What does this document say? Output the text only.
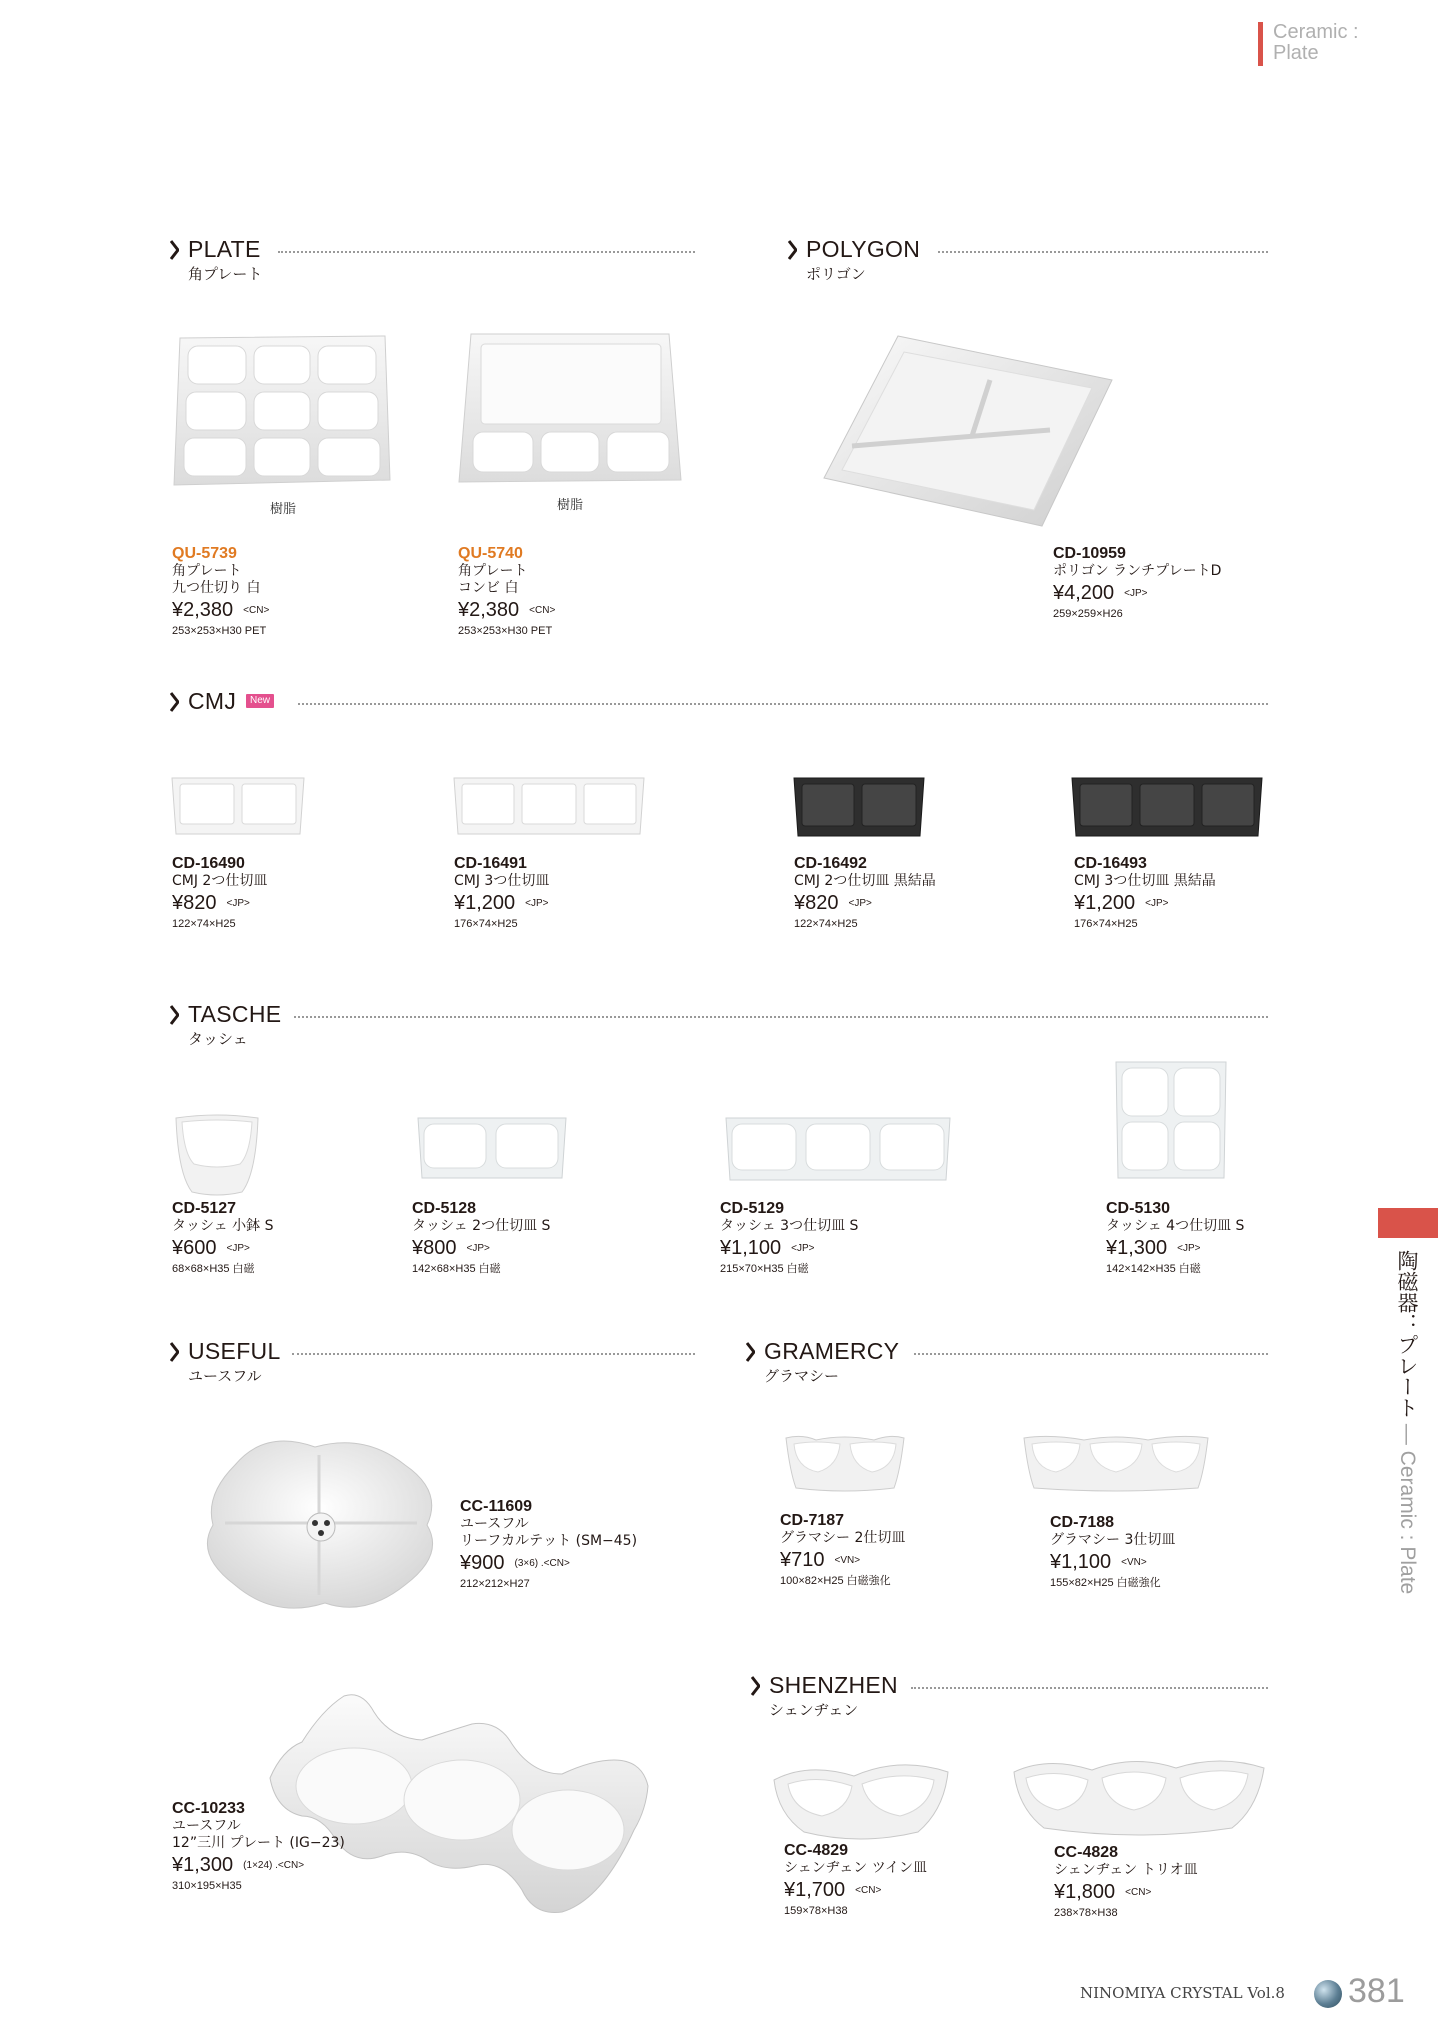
Ceramic :
Plate
PLATE
角プレート
樹脂	樹脂
QU-5739
角プレート
九つ仕切り 白
¥2,380 <CN>
253×253×H30 PET
QU-5740
角プレート
コンビ 白
¥2,380 <CN>
253×253×H30 PET
POLYGON
ポリゴン
CD-10959
ポリゴン ランチプレートD
¥4,200 <JP>
259×259×H26
CMJ	New
CD-16490
CMJ 2つ仕切皿
¥820 <JP>
122×74×H25
CD-16491
CMJ 3つ仕切皿
¥1,200 <JP>
176×74×H25
CD-16492
CMJ 2つ仕切皿 黒結晶
¥820 <JP>
122×74×H25
CD-16493
CMJ 3つ仕切皿 黒結晶
¥1,200 <JP>
176×74×H25
TASCHE
タッシェ
CD-5127
タッシェ 小鉢 S
¥600 <JP>
68×68×H35 白磁
CD-5128
タッシェ 2つ仕切皿 S
¥800 <JP>
142×68×H35 白磁
CD-5129
タッシェ 3つ仕切皿 S
¥1,100 <JP>
215×70×H35 白磁
CD-5130
タッシェ 4つ仕切皿 S
¥1,300 <JP>
142×142×H35 白磁
USEFUL
ユースフル
CC-11609
ユースフル
リーフカルテット (SM−45)
¥900 (3×6) .<CN>
212×212×H27
GRAMERCY
グラマシー
CD-7187
グラマシー 2仕切皿
¥710 <VN>
100×82×H25 白磁強化
CD-7188
グラマシー 3仕切皿
¥1,100 <VN>
155×82×H25 白磁強化
CC-10233
ユースフル
12”三川 プレート (IG−23)
¥1,300 (1×24) .<CN>
310×195×H35
SHENZHEN
シェンヂェン
CC-4829
シェンヂェン ツイン皿
¥1,700 <CN>
159×78×H38
CC-4828
シェンヂェン トリオ皿
¥1,800 <CN>
238×78×H38
陶磁器：プレート — Ceramic : Plate
NINOMIYA CRYSTAL Vol.8 381
